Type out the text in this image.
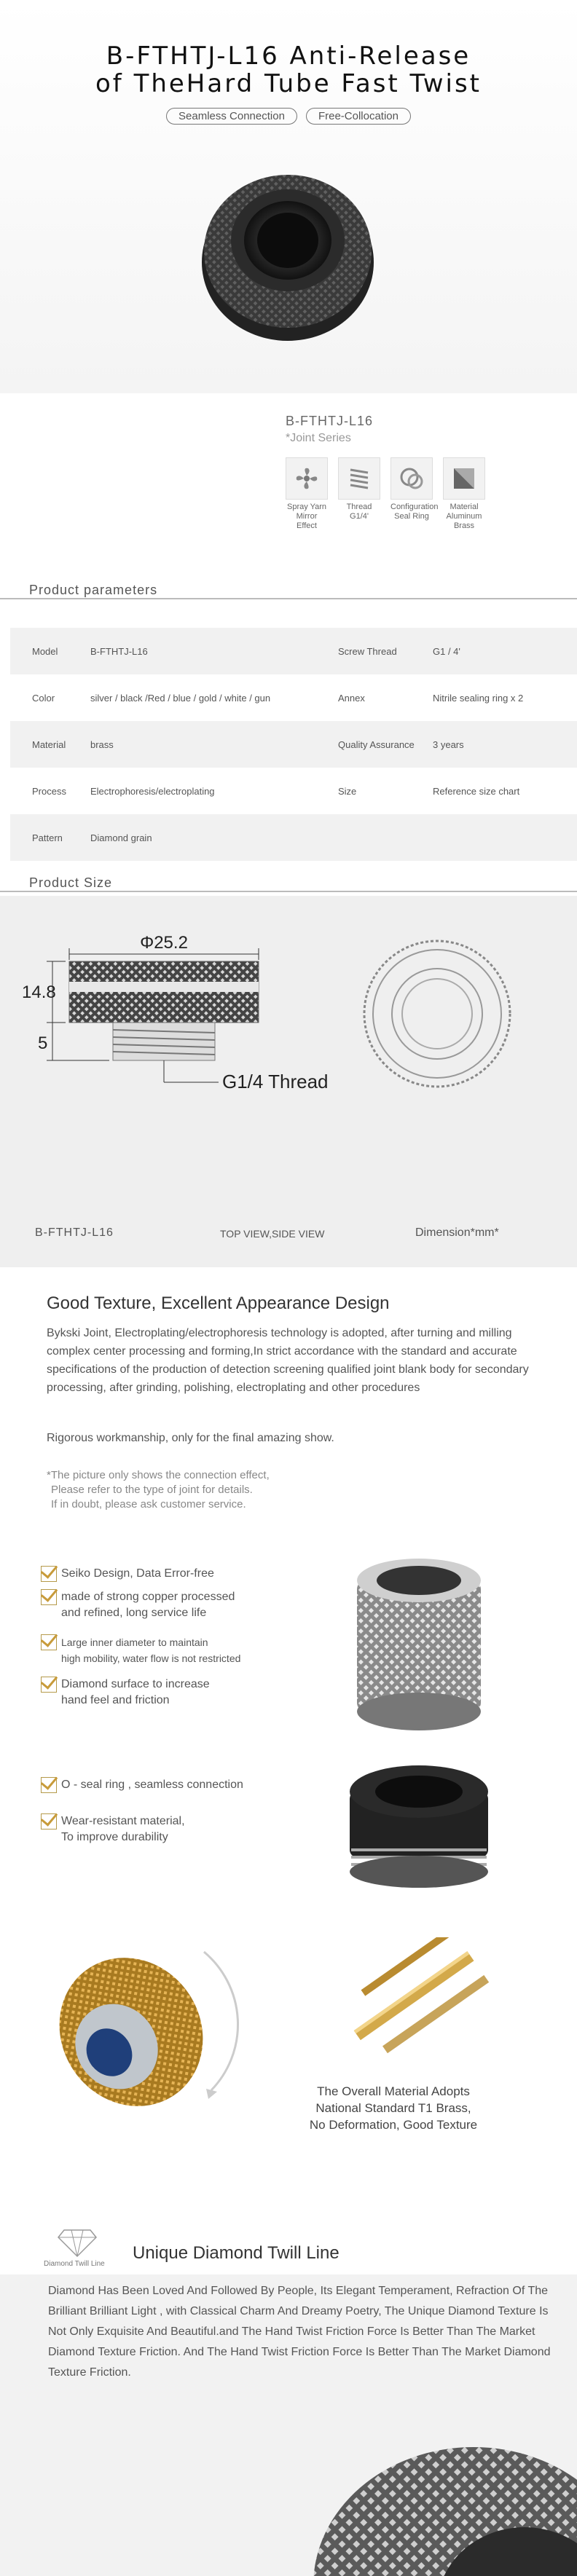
B-FTHTJ-L16 Anti-Release
of TheHard Tube Fast Twist
Seamless Connection	Free-Collocation
B-FTHTJ-L16
*Joint Series
Spray Yarn
Mirror Effect
Thread
G1/4'
Configuration
Seal Ring
Material
Aluminum Brass
Product parameters
Model	B-FTHTJ-L16	Screw Thread	G1 / 4'
Color	silver / black /Red / blue / gold / white / gun	Annex	Nitrile sealing ring x 2
Material	brass	Quality Assurance	3 years
Process	Electrophoresis/electroplating	Size	Reference size chart
Pattern	Diamond grain
Product Size
Φ25.2
14.8
5
G1/4 Thread
B-FTHTJ-L16	TOP VIEW,SIDE VIEW	Dimension*mm*
Good Texture, Excellent Appearance Design
Bykski Joint, Electroplating/electrophoresis technology is adopted, after turning and milling complex center processing and forming,In strict accordance with the standard and accurate specifications of the production of detection screening qualified joint blank body for secondary processing, after grinding, polishing, electroplating and other procedures
Rigorous workmanship, only for the final amazing show.
*The picture only shows the connection effect,
Please refer to the type of joint for details.
If in doubt, please ask customer service.
Seiko Design, Data Error-free
made of strong copper processed
and refined, long service life
Large inner diameter to maintain
high mobility, water flow is not restricted
Diamond surface to increase
hand feel and friction
O - seal ring , seamless connection
Wear-resistant material,
To improve durability
The Overall Material Adopts
National Standard T1 Brass,
No Deformation, Good Texture
Diamond Twill Line
Unique Diamond Twill Line
Diamond Has Been Loved And Followed By People, Its Elegant Temperament, Refraction Of The Brilliant Brilliant Light , with Classical Charm And Dreamy Poetry, The Unique Diamond Texture Is Not Only Exquisite And Beautiful.and The Hand Twist Friction Force Is Better Than The Market Diamond Texture Friction. And The Hand Twist Friction Force Is Better Than The Market Diamond Texture Friction.
